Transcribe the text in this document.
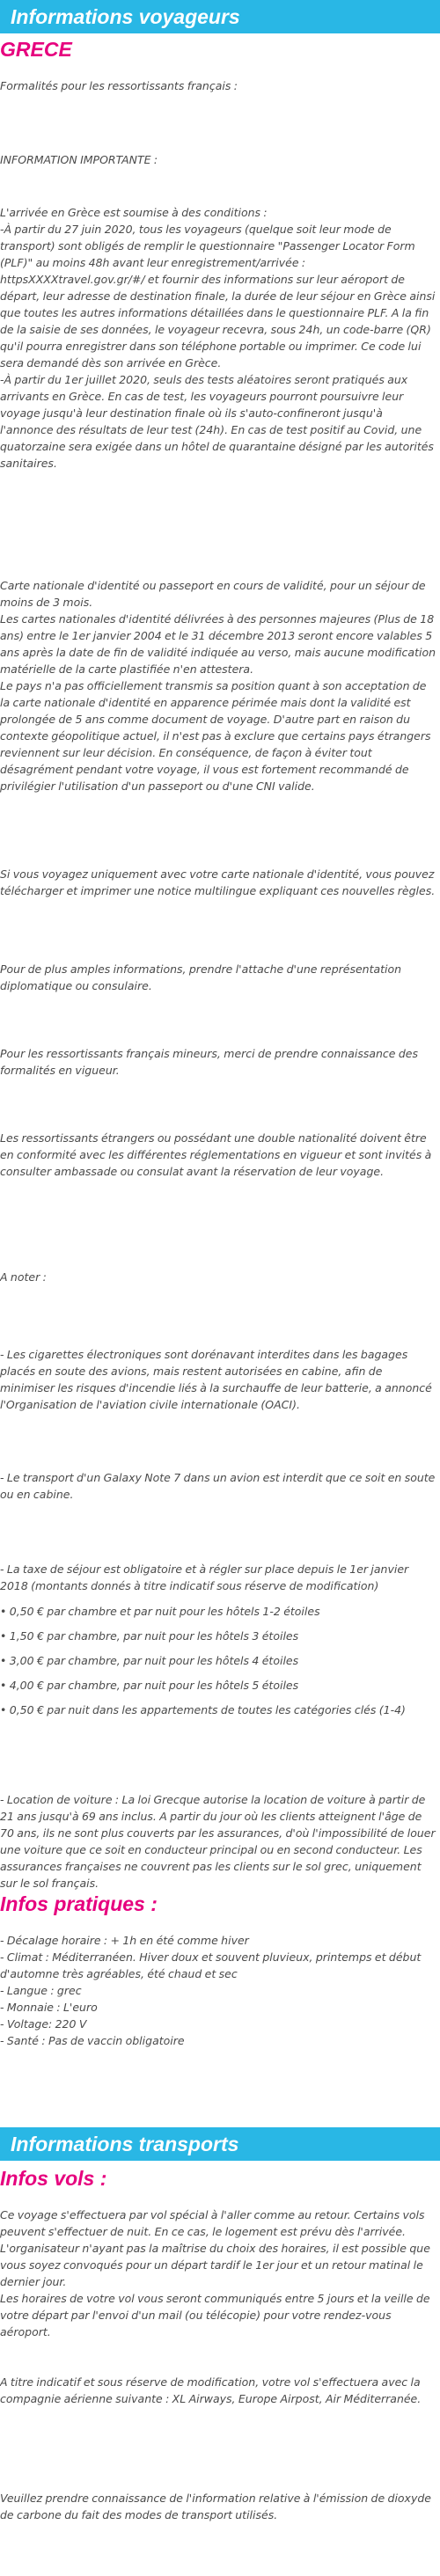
Informations voyageurs
GRECE

Formalités pour les ressortissants français :

INFORMATION IMPORTANTE :

L'arrivée en Grèce est soumise à des conditions :
-À partir du 27 juin 2020, tous les voyageurs (quelque soit leur mode de transport) sont obligés de remplir le questionnaire "Passenger Locator Form (PLF)" au moins 48h avant leur enregistrement/arrivée : httpsXXXXtravel.gov.gr/#/ et fournir des informations sur leur aéroport de départ, leur adresse de destination finale, la durée de leur séjour en Grèce ainsi que toutes les autres informations détaillées dans le questionnaire PLF. A la fin de la saisie de ses données, le voyageur recevra, sous 24h, un code-barre (QR) qu'il pourra enregistrer dans son téléphone portable ou imprimer. Ce code lui sera demandé dès son arrivée en Grèce.
-À partir du 1er juillet 2020, seuls des tests aléatoires seront pratiqués aux arrivants en Grèce. En cas de test, les voyageurs pourront poursuivre leur voyage jusqu'à leur destination finale où ils s'auto-confineront jusqu'à l'annonce des résultats de leur test (24h). En cas de test positif au Covid, une quatorzaine sera exigée dans un hôtel de quarantaine désigné par les autorités sanitaires.

Carte nationale d'identité ou passeport en cours de validité, pour un séjour de moins de 3 mois.
Les cartes nationales d'identité délivrées à des personnes majeures (Plus de 18 ans) entre le 1er janvier 2004 et le 31 décembre 2013 seront encore valables 5 ans après la date de fin de validité indiquée au verso, mais aucune modification matérielle de la carte plastifiée n'en attestera.
Le pays n'a pas officiellement transmis sa position quant à son acceptation de la carte nationale d'identité en apparence périmée mais dont la validité est prolongée de 5 ans comme document de voyage. D'autre part en raison du contexte géopolitique actuel, il n'est pas à exclure que certains pays étrangers reviennent sur leur décision. En conséquence, de façon à éviter tout désagrément pendant votre voyage, il vous est fortement recommandé de privilégier l'utilisation d'un passeport ou d'une CNI valide.

Si vous voyagez uniquement avec votre carte nationale d'identité, vous pouvez télécharger et imprimer une notice multilingue expliquant ces nouvelles règles.

Pour de plus amples informations, prendre l'attache d'une représentation diplomatique ou consulaire.

Pour les ressortissants français mineurs, merci de prendre connaissance des formalités en vigueur.

Les ressortissants étrangers ou possédant une double nationalité doivent être en conformité avec les différentes réglementations en vigueur et sont invités à consulter ambassade ou consulat avant la réservation de leur voyage.

A noter :

- Les cigarettes électroniques sont dorénavant interdites dans les bagages placés en soute des avions, mais restent autorisées en cabine, afin de minimiser les risques d'incendie liés à la surchauffe de leur batterie, a annoncé l'Organisation de l'aviation civile internationale (OACI).

- Le transport d'un Galaxy Note 7 dans un avion est interdit que ce soit en soute ou en cabine.

- La taxe de séjour est obligatoire et à régler sur place depuis le 1er janvier 2018 (montants donnés à titre indicatif sous réserve de modification)

• 0,50 € par chambre et par nuit pour les hôtels 1-2 étoiles
• 1,50 € par chambre, par nuit pour les hôtels 3 étoiles
• 3,00 € par chambre, par nuit pour les hôtels 4 étoiles
• 4,00 € par chambre, par nuit pour les hôtels 5 étoiles
• 0,50 € par nuit dans les appartements de toutes les catégories clés (1-4)

- Location de voiture : La loi Grecque autorise la location de voiture à partir de 21 ans jusqu'à 69 ans inclus. A partir du jour où les clients atteignent l'âge de 70 ans, ils ne sont plus couverts par les assurances, d'où l'impossibilité de louer une voiture que ce soit en conducteur principal ou en second conducteur. Les assurances françaises ne couvrent pas les clients sur le sol grec, uniquement sur le sol français.

Infos pratiques :

- Décalage horaire : + 1h en été comme hiver
- Climat : Méditerranéen. Hiver doux et souvent pluvieux, printemps et début d'automne très agréables, été chaud et sec
- Langue : grec
- Monnaie : L'euro
- Voltage: 220 V
- Santé : Pas de vaccin obligatoire

Informations transports
Infos vols :

Ce voyage s'effectuera par vol spécial à l'aller comme au retour. Certains vols peuvent s'effectuer de nuit. En ce cas, le logement est prévu dès l'arrivée. L'organisateur n'ayant pas la maîtrise du choix des horaires, il est possible que vous soyez convoqués pour un départ tardif le 1er jour et un retour matinal le dernier jour.
Les horaires de votre vol vous seront communiqués entre 5 jours et la veille de votre départ par l'envoi d'un mail (ou télécopie) pour votre rendez-vous aéroport.

A titre indicatif et sous réserve de modification, votre vol s'effectuera avec la compagnie aérienne suivante : XL Airways, Europe Airpost, Air Méditerranée.

Veuillez prendre connaissance de l'information relative à l'émission de dioxyde de carbone du fait des modes de transport utilisés.
